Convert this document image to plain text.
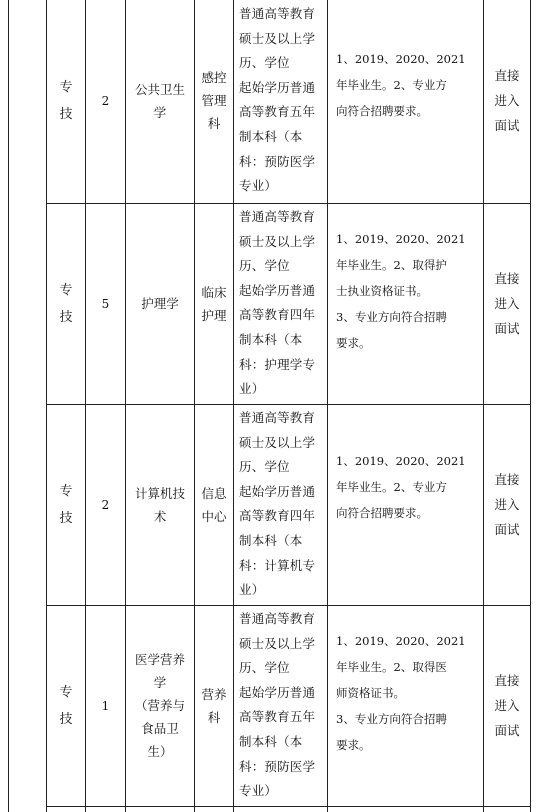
专
技
2
公共卫生
学
感控
管理
科
普通高等教育
硕士及以上学
历、学位
起始学历普通
高等教育五年
制本科（本
科：预防医学
专业）
1、2019、2020、2021
年毕业生。2、专业方
向符合招聘要求。
直接
进入
面试
专
技
5	护理学
临床
护理
普通高等教育
硕士及以上学
历、学位
起始学历普通
高等教育四年
制本科（本
科：护理学专
业）
1、2019、2020、2021
年毕业生。2、取得护
士执业资格证书。
3、专业方向符合招聘
要求。
直接
进入
面试
专
技
2
计算机技
术
信息
中心
普通高等教育
硕士及以上学
历、学位
起始学历普通
高等教育四年
制本科（本
科：计算机专
业）
1、2019、2020、2021
年毕业生。2、专业方
向符合招聘要求。
直接
进入
面试
专
技
1
医学营养
学
（营养与
食品卫
生）
营养
科
普通高等教育
硕士及以上学
历、学位
起始学历普通
高等教育五年
制本科（本
科：预防医学
专业）
1、2019、2020、2021
年毕业生。2、取得医
师资格证书。
3、专业方向符合招聘
要求。
直接
进入
面试
